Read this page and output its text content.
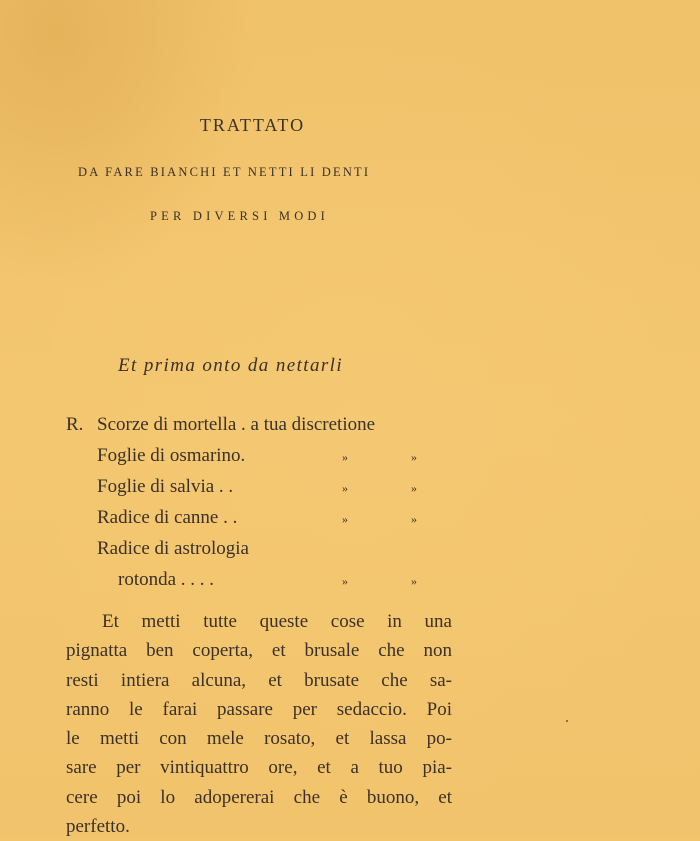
TRATTATO
DA FARE BIANCHI ET NETTI LI DENTI
PER DIVERSI MODI
Et prima onto da nettarli
R. Scorze di mortella . a tua discretione
Foglie di osmarino.	»	»
Foglie di salvia . .	»	»
Radice di canne . .	»	»
Radice di astrologia
rotonda . . . .	»	»
Et metti tutte queste cose in una
pignatta ben coperta, et brusale che non
resti intiera alcuna, et brusate che sa-
ranno le farai passare per sedaccio. Poi
le metti con mele rosato, et lassa po-
sare per vintiquattro ore, et a tuo pia-
cere poi lo adopererai che è buono, et
perfetto.
